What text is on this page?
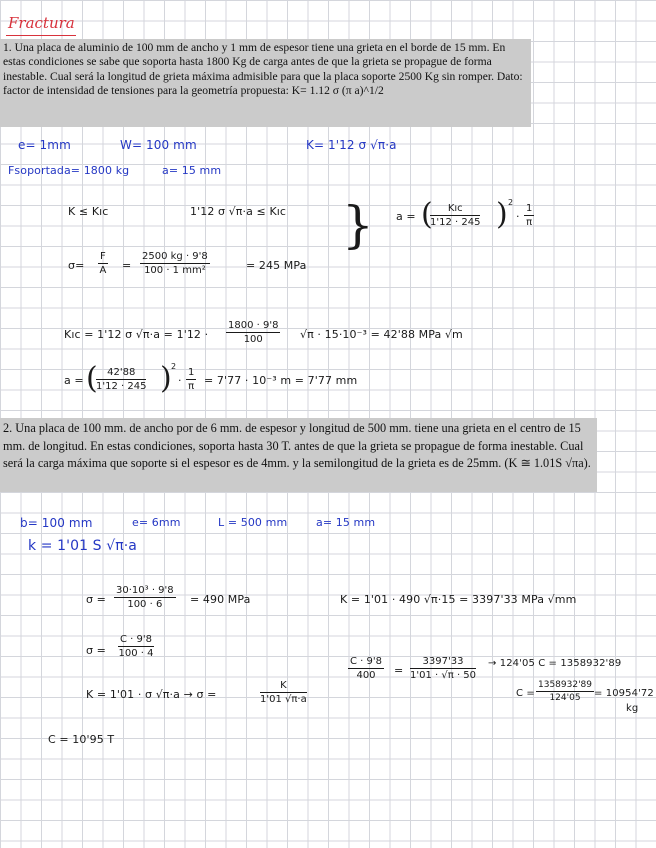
Fractura
1. Una placa de aluminio de 100 mm de ancho y 1 mm de espesor tiene una grieta en el borde de 15 mm. En estas condiciones se sabe que soporta hasta 1800 Kg de carga antes de que la grieta se propague de forma inestable. Cual será la longitud de grieta máxima admisible para que la placa soporte 2500 Kg sin romper. Dato: factor de intensidad de tensiones para la geometría propuesta: K= 1.12 σ (π a)^1/2
e= 1mm	W= 100 mm	K= 1'12 σ √π·a
Fsoportada= 1800 kg	a= 15 mm
K ≤ Kıc	1'12 σ √π·a ≤ Kıc
$\sigma= \frac{F}{A} = \frac{2500 kg \cdot 9'8}{\text{100 · 1 mm²}}$	= 245 MPa
} a = (	Kıc
1'12 · 245 ) 2
· $\frac{1}{\pi}$
Kıc = 1'12 σ $√\pi\cdot a = 1'12 \cdot \frac{1800 \cdot 9'8}{100} √\pi \cdot 15\cdot 10^{-3} = 42'88$ MPa √m
a = (
$\frac{42'88}{1'12 \cdot 245}$ ) 2
· $\frac{1}{\pi} = 7'77 \cdot 10^{-3}$ m = 7'77 mm
2. Una placa de 100 mm. de ancho por de 6 mm. de espesor y longitud de 500 mm. tiene una grieta en el centro de 15 mm. de longitud. En estas condiciones, soporta hasta 30 T. antes de que la grieta se propague de forma inestable. Cual será la carga máxima que soporte si el espesor es de 4mm. y la semilongitud de la grieta es de 25mm. (K ≅ 1.01S √πa).
b= 100 mm	e= 6mm	L = 500 mm	a= 15 mm
k = 1'01 S √π·a
$\sigma = \frac{\text{30·10³ · 9'8}}{100 \cdot 6} = 490$ MPa	K = 1'01 · 490 √π·15 = 3397'33 MPa √mm
$\sigma = \frac{C \cdot 9'8}{100 \cdot 4}$
$\frac{C \cdot 9'8}{400} = \frac{3397'33}{1'01 \cdot √\pi \cdot 50} \to 124'05$ C = 1358932'89
$C = \frac{1358932'89}{124'05} = 10954'72$
kg
K = 1'01 · σ √π·a → σ =	$\frac{K}{1'01 √\pi\cdot a}$
C = 10'95 T
